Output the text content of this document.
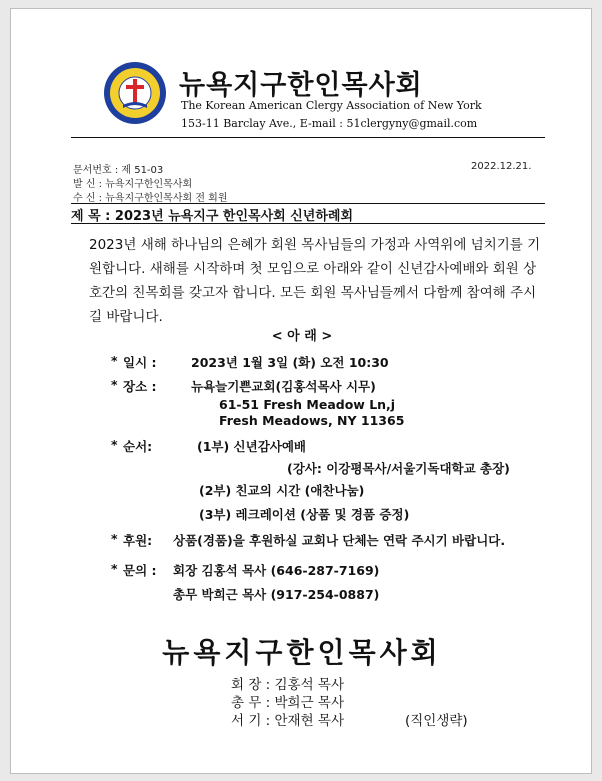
뉴욕지구한인목사회
The Korean American Clergy Association of New York
153-11 Barclay Ave., E-mail : 51clergyny@gmail.com
문서번호 : 제 51-03	2022.12.21.
발 신 : 뉴욕지구한인목사회
수 신 : 뉴욕지구한인목사회 전 회원
제 목 : 2023년 뉴욕지구 한인목사회 신년하례회
2023년 새해 하나님의 은혜가 회원 목사님들의 가정과 사역위에 넘치기를 기원합니다. 새해를 시작하며 첫 모임으로 아래와 같이 신년감사예배와 회원 상호간의 친목회를 갖고자 합니다. 모든 회원 목사님들께서 다함께 참여해 주시길 바랍니다.
< 아 래 >
* 일시 :	2023년 1월 3일 (화) 오전 10:30
* 장소 :	뉴욕늘기쁜교회(김홍석목사 시무)
61-51 Fresh Meadow Ln,j
Fresh Meadows, NY 11365
* 순서:	(1부) 신년감사예배
(강사: 이강평목사/서울기독대학교 총장)
(2부) 친교의 시간 (애찬나눔)
(3부) 레크레이션 (상품 및 경품 증정)
* 후원: 상품(경품)을 후원하실 교회나 단체는 연락 주시기 바랍니다.
* 문의 : 회장 김홍석 목사 (646-287-7169)
총무 박희근 목사 (917-254-0887)
뉴욕지구한인목사회
회 장 : 김홍석 목사
총 무 : 박희근 목사
서 기 : 안재현 목사	(직인생략)
